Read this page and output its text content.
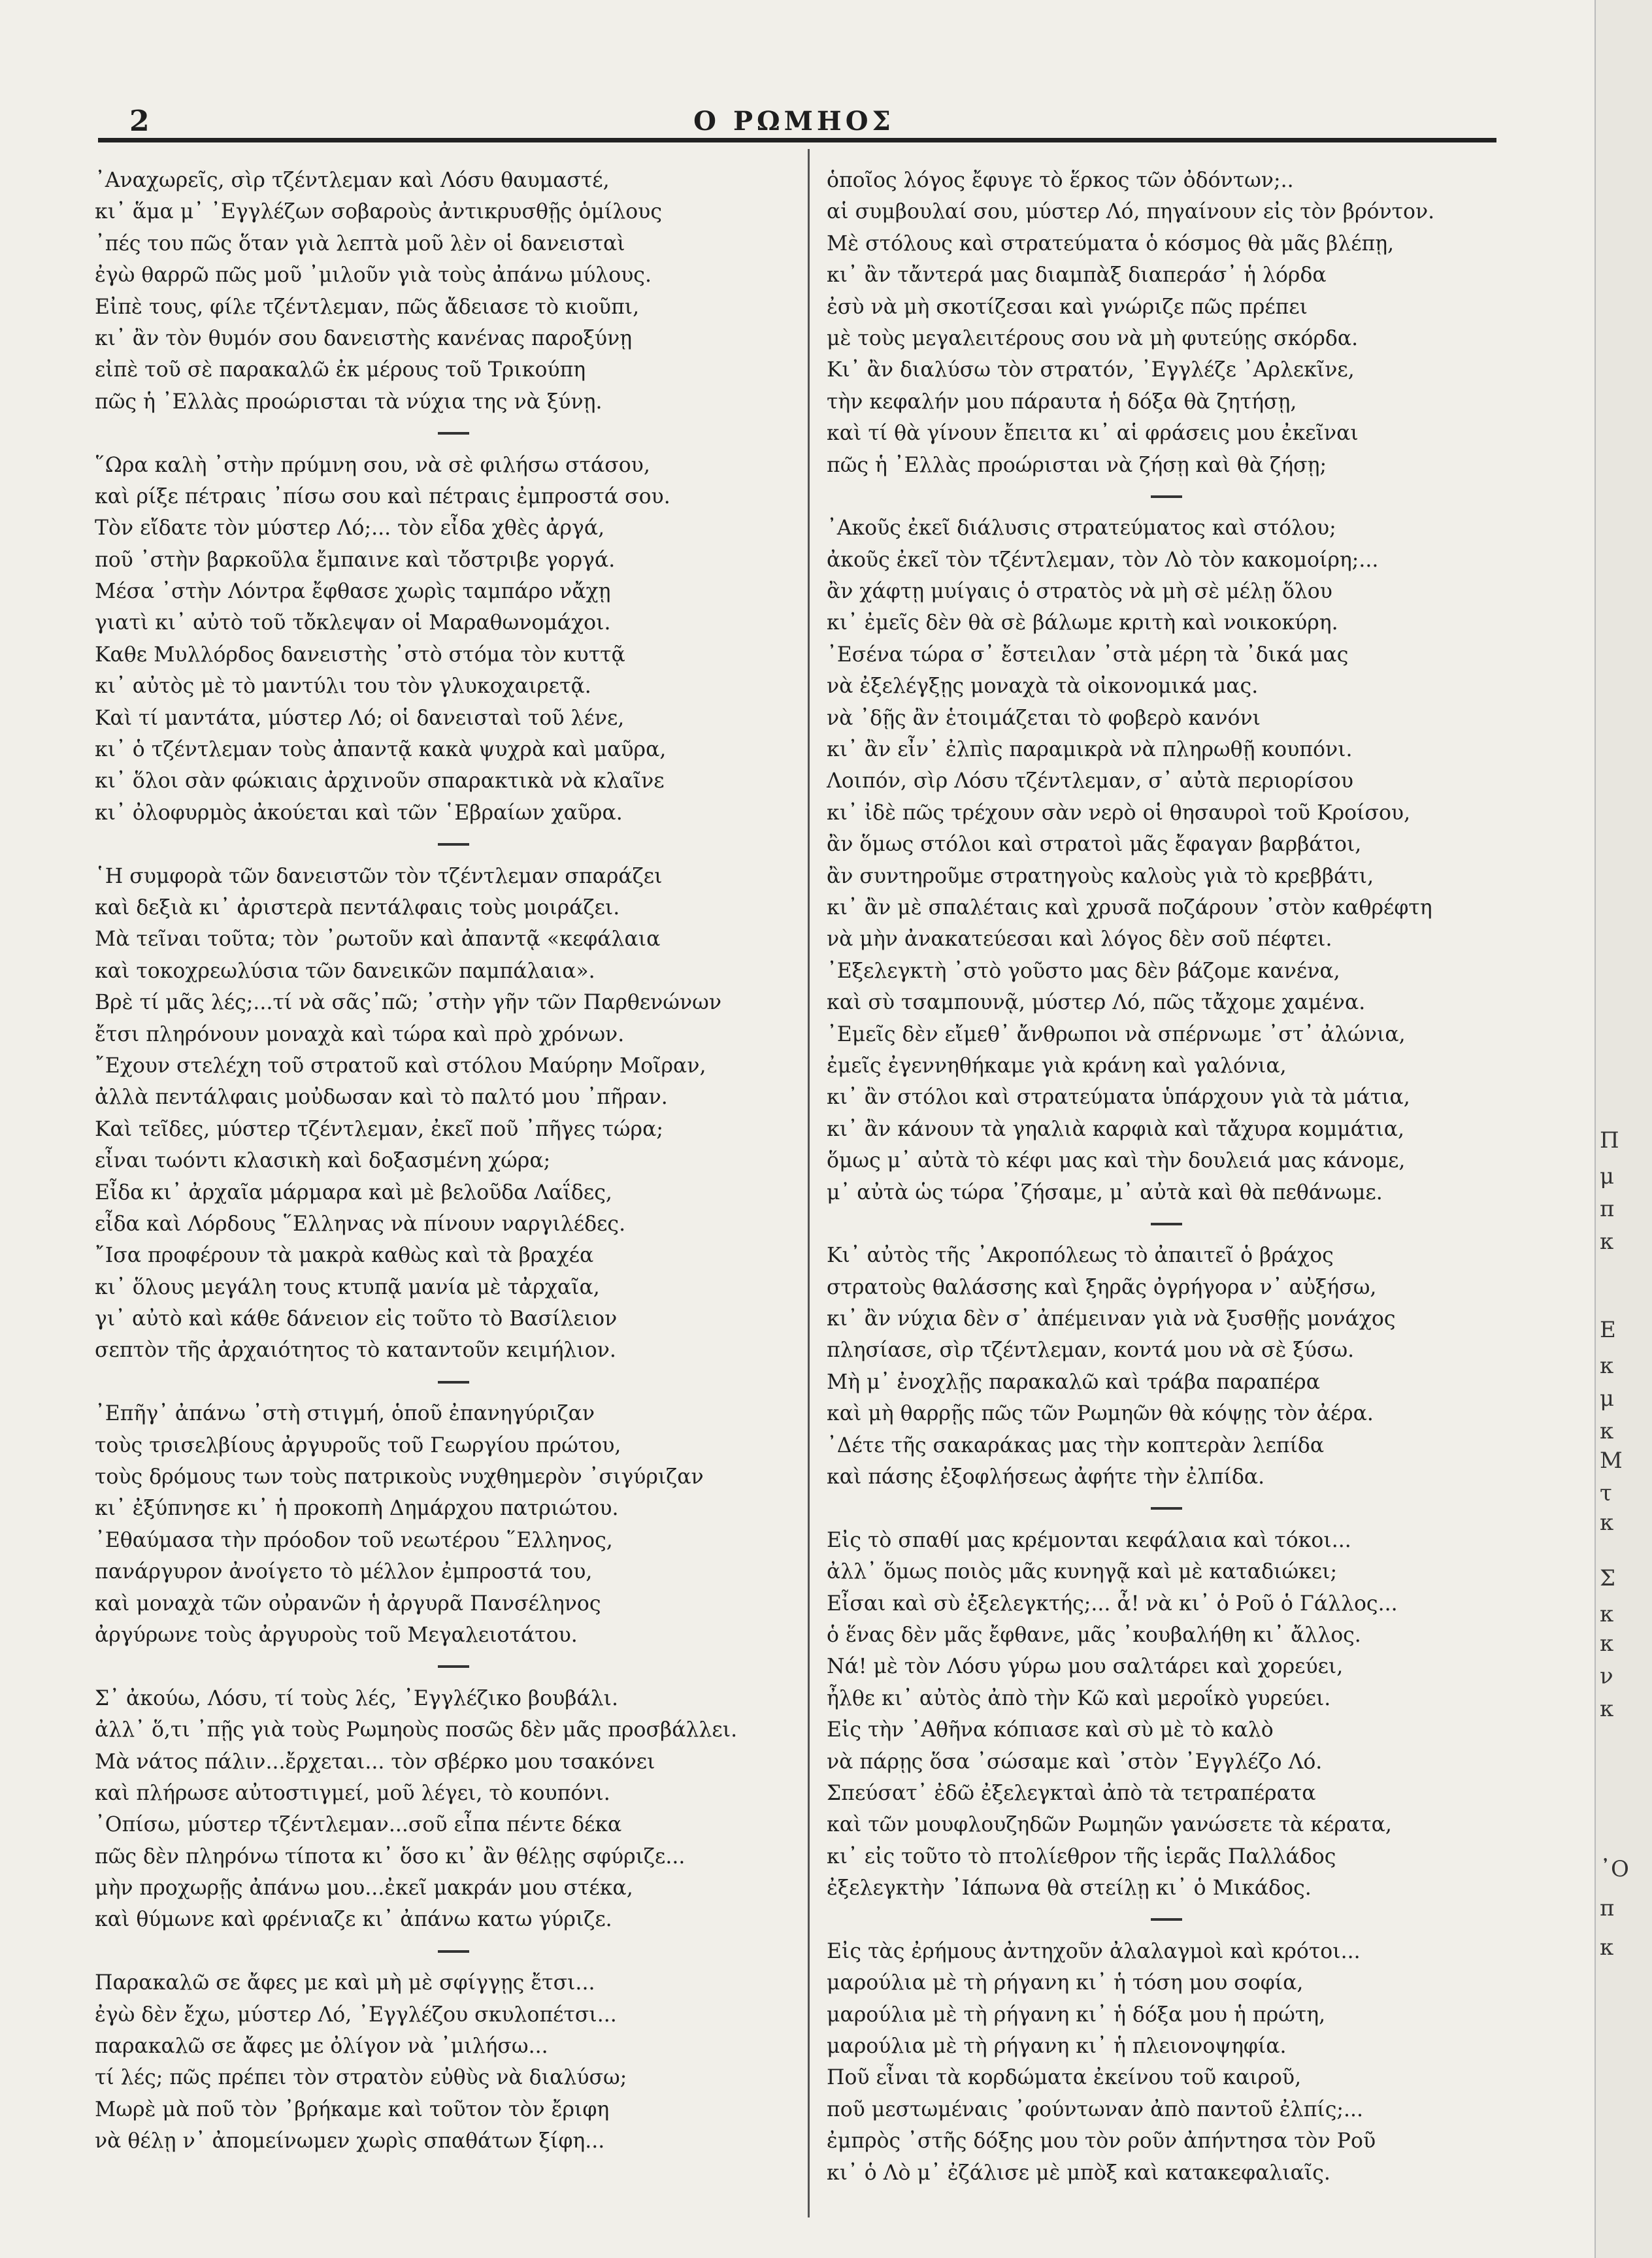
2	Ο ΡΩΜΗΟΣ
᾽Αναχωρεῖς, σὶρ τζέντλεμαν καὶ Λόσυ θαυμαστέ,
κι᾽ ἅμα μ᾽ ᾽Εγγλέζων σοβαροὺς ἀντικρυσθῇς ὁμίλους
᾽πές του πῶς ὅταν γιὰ λεπτὰ μοῦ λὲν οἱ δανεισταὶ
ἐγὼ θαρρῶ πῶς μοῦ ᾽μιλοῦν γιὰ τοὺς ἀπάνω μύλους.
Εἰπὲ τους, φίλε τζέντλεμαν, πῶς ἄδειασε τὸ κιοῦπι,
κι᾽ ἂν τὸν θυμόν σου δανειστὴς κανένας παροξύνῃ
εἰπὲ τοῦ σὲ παρακαλῶ ἐκ μέρους τοῦ Τρικούπη
πῶς ἡ ᾽Ελλὰς προώρισται τὰ νύχια της νὰ ξύνῃ.
῞Ωρα καλὴ ᾽στὴν πρύμνη σου, νὰ σὲ φιλήσω στάσου,
καὶ ρίξε πέτραις ᾽πίσω σου καὶ πέτραις ἐμπροστά σου.
Τὸν εἴδατε τὸν μύστερ Λό;... τὸν εἶδα χθὲς ἀργά,
ποῦ ᾽στὴν βαρκοῦλα ἔμπαινε καὶ τὄστριβε γοργά.
Μέσα ᾽στὴν Λόντρα ἔφθασε χωρὶς ταμπάρο νἄχῃ
γιατὶ κι᾽ αὐτὸ τοῦ τὄκλεψαν οἱ Μαραθωνομάχοι.
Καθε Μυλλόρδος δανειστὴς ᾽στὸ στόμα τὸν κυττᾷ
κι᾽ αὐτὸς μὲ τὸ μαντύλι του τὸν γλυκοχαιρετᾷ.
Καὶ τί μαντάτα, μύστερ Λό; οἱ δανεισταὶ τοῦ λένε,
κι᾽ ὁ τζέντλεμαν τοὺς ἀπαντᾷ κακὰ ψυχρὰ καὶ μαῦρα,
κι᾽ ὅλοι σὰν φώκιαις ἀρχινοῦν σπαρακτικὰ νὰ κλαῖνε
κι᾽ ὀλοφυρμὸς ἀκούεται καὶ τῶν ῾Εβραίων χαῦρα.
῾Η συμφορὰ τῶν δανειστῶν τὸν τζέντλεμαν σπαράζει
καὶ δεξιὰ κι᾽ ἀριστερὰ πεντάλφαις τοὺς μοιράζει.
Μὰ τεῖναι τοῦτα; τὸν ᾽ρωτοῦν καὶ ἀπαντᾷ «κεφάλαια
καὶ τοκοχρεωλύσια τῶν δανεικῶν παμπάλαια».
Βρὲ τί μᾶς λές;...τί νὰ σᾶς᾽πῶ; ᾽στὴν γῆν τῶν Παρθενώνων
ἔτσι πληρόνουν μοναχὰ καὶ τώρα καὶ πρὸ χρόνων.
῎Εχουν στελέχη τοῦ στρατοῦ καὶ στόλου Μαύρην Μοῖραν,
ἀλλὰ πεντάλφαις μοὐδωσαν καὶ τὸ παλτό μου ᾽πῆραν.
Καὶ τεῖδες, μύστερ τζέντλεμαν, ἐκεῖ ποῦ ᾽πῆγες τώρα;
εἶναι τωόντι κλασικὴ καὶ δοξασμένη χώρα;
Εἶδα κι᾽ ἀρχαῖα μάρμαρα καὶ μὲ βελοῦδα Λαΐδες,
εἶδα καὶ Λόρδους ῞Ελληνας νὰ πίνουν ναργιλέδες.
῎Ισα προφέρουν τὰ μακρὰ καθὼς καὶ τὰ βραχέα
κι᾽ ὅλους μεγάλη τους κτυπᾷ μανία μὲ τἀρχαῖα,
γι᾽ αὐτὸ καὶ κάθε δάνειον εἰς τοῦτο τὸ Βασίλειον
σεπτὸν τῆς ἀρχαιότητος τὸ καταντοῦν κειμήλιον.
᾽Επῆγ᾽ ἀπάνω ᾽στὴ στιγμή, ὁποῦ ἐπανηγύριζαν
τοὺς τρισελβίους ἀργυροῦς τοῦ Γεωργίου πρώτου,
τοὺς δρόμους των τοὺς πατρικοὺς νυχθημερὸν ᾽σιγύριζαν
κι᾽ ἐξύπνησε κι᾽ ἡ προκοπὴ Δημάρχου πατριώτου.
᾽Εθαύμασα τὴν πρόοδον τοῦ νεωτέρου ῞Ελληνος,
πανάργυρον ἀνοίγετο τὸ μέλλον ἐμπροστά του,
καὶ μοναχὰ τῶν οὐρανῶν ἡ ἀργυρᾶ Πανσέληνος
ἀργύρωνε τοὺς ἀργυροὺς τοῦ Μεγαλειοτάτου.
Σ᾽ ἀκούω, Λόσυ, τί τοὺς λές, ᾽Εγγλέζικο βουβάλι.
ἀλλ᾽ ὅ,τι ᾽πῇς γιὰ τοὺς Ρωμηοὺς ποσῶς δὲν μᾶς προσβάλλει.
Μὰ νάτος πάλιν...ἔρχεται... τὸν σβέρκο μου τσακόνει
καὶ πλήρωσε αὐτοστιγμεί, μοῦ λέγει, τὸ κουπόνι.
᾽Οπίσω, μύστερ τζέντλεμαν...σοῦ εἶπα πέντε δέκα
πῶς δὲν πληρόνω τίποτα κι᾽ ὅσο κι᾽ ἂν θέλῃς σφύριζε...
μὴν προχωρῇς ἀπάνω μου...ἐκεῖ μακράν μου στέκα,
καὶ θύμωνε καὶ φρένιαζε κι᾽ ἀπάνω κατω γύριζε.
Παρακαλῶ σε ἄφες με καὶ μὴ μὲ σφίγγῃς ἔτσι...
ἐγὼ δὲν ἔχω, μύστερ Λό, ᾽Εγγλέζου σκυλοπέτσι...
παρακαλῶ σε ἄφες με ὀλίγον νὰ ᾽μιλήσω...
τί λές; πῶς πρέπει τὸν στρατὸν εὐθὺς νὰ διαλύσω;
Μωρὲ μὰ ποῦ τὸν ᾽βρήκαμε καὶ τοῦτον τὸν ἔριφη
νὰ θέλῃ ν᾽ ἀπομείνωμεν χωρὶς σπαθάτων ξίφη...
ὁποῖος λόγος ἔφυγε τὸ ἕρκος τῶν ὀδόντων;..
αἱ συμβουλαί σου, μύστερ Λό, πηγαίνουν εἰς τὸν βρόντον.
Μὲ στόλους καὶ στρατεύματα ὁ κόσμος θὰ μᾶς βλέπῃ,
κι᾽ ἂν τἄντερά μας διαμπὰξ διαπεράσ᾽ ἡ λόρδα
ἐσὺ νὰ μὴ σκοτίζεσαι καὶ γνώριζε πῶς πρέπει
μὲ τοὺς μεγαλειτέρους σου νὰ μὴ φυτεύῃς σκόρδα.
Κι᾽ ἂν διαλύσω τὸν στρατόν, ᾽Εγγλέζε ᾽Αρλεκῖνε,
τὴν κεφαλήν μου πάραυτα ἡ δόξα θὰ ζητήσῃ,
καὶ τί θὰ γίνουν ἔπειτα κι᾽ αἱ φράσεις μου ἐκεῖναι
πῶς ἡ ᾽Ελλὰς προώρισται νὰ ζήσῃ καὶ θὰ ζήσῃ;
᾽Ακοῦς ἐκεῖ διάλυσις στρατεύματος καὶ στόλου;
ἀκοῦς ἐκεῖ τὸν τζέντλεμαν, τὸν Λὸ τὸν κακομοίρη;...
ἂν χάφτῃ μυίγαις ὁ στρατὸς νὰ μὴ σὲ μέλῃ ὅλου
κι᾽ ἐμεῖς δὲν θὰ σὲ βάλωμε κριτὴ καὶ νοικοκύρη.
᾽Εσένα τώρα σ᾽ ἔστειλαν ᾽στὰ μέρη τὰ ᾽δικά μας
νὰ ἐξελέγξῃς μοναχὰ τὰ οἰκονομικά μας.
νὰ ᾽δῇς ἂν ἑτοιμάζεται τὸ φοβερὸ κανόνι
κι᾽ ἂν εἶν᾽ ἐλπὶς παραμικρὰ νὰ πληρωθῇ κουπόνι.
Λοιπόν, σὶρ Λόσυ τζέντλεμαν, σ᾽ αὐτὰ περιορίσου
κι᾽ ἰδὲ πῶς τρέχουν σὰν νερὸ οἱ θησαυροὶ τοῦ Κροίσου,
ἂν ὅμως στόλοι καὶ στρατοὶ μᾶς ἔφαγαν βαρβάτοι,
ἂν συντηροῦμε στρατηγοὺς καλοὺς γιὰ τὸ κρεββάτι,
κι᾽ ἂν μὲ σπαλέταις καὶ χρυσᾶ ποζάρουν ᾽στὸν καθρέφτη
νὰ μὴν ἀνακατεύεσαι καὶ λόγος δὲν σοῦ πέφτει.
᾽Εξελεγκτὴ ᾽στὸ γοῦστο μας δὲν βάζομε κανένα,
καὶ σὺ τσαμπουνᾷ, μύστερ Λό, πῶς τἄχομε χαμένα.
᾽Εμεῖς δὲν εἴμεθ᾽ ἄνθρωποι νὰ σπέρνωμε ᾽στ᾽ ἀλώνια,
ἐμεῖς ἐγεννηθήκαμε γιὰ κράνη καὶ γαλόνια,
κι᾽ ἂν στόλοι καὶ στρατεύματα ὑπάρχουν γιὰ τὰ μάτια,
κι᾽ ἂν κάνουν τὰ γηαλιὰ καρφιὰ καὶ τἄχυρα κομμάτια,
ὅμως μ᾽ αὐτὰ τὸ κέφι μας καὶ τὴν δουλειά μας κάνομε,
μ᾽ αὐτὰ ὡς τώρα ᾽ζήσαμε, μ᾽ αὐτὰ καὶ θὰ πεθάνωμε.
Κι᾽ αὐτὸς τῆς ᾽Ακροπόλεως τὸ ἀπαιτεῖ ὁ βράχος
στρατοὺς θαλάσσης καὶ ξηρᾶς ὀγρήγορα ν᾽ αὐξήσω,
κι᾽ ἂν νύχια δὲν σ᾽ ἀπέμειναν γιὰ νὰ ξυσθῇς μονάχος
πλησίασε, σὶρ τζέντλεμαν, κοντά μου νὰ σὲ ξύσω.
Μὴ μ᾽ ἐνοχλῇς παρακαλῶ καὶ τράβα παραπέρα
καὶ μὴ θαρρῇς πῶς τῶν Ρωμηῶν θὰ κόψῃς τὸν ἀέρα.
᾽Δέτε τῆς σακαράκας μας τὴν κοπτερὰν λεπίδα
καὶ πάσης ἐξοφλήσεως ἀφήτε τὴν ἐλπίδα.
Εἰς τὸ σπαθί μας κρέμονται κεφάλαια καὶ τόκοι...
ἀλλ᾽ ὅμως ποιὸς μᾶς κυνηγᾷ καὶ μὲ καταδιώκει;
Εἶσαι καὶ σὺ ἐξελεγκτής;... ἆ! νὰ κι᾽ ὁ Ροῦ ὁ Γάλλος...
ὁ ἕνας δὲν μᾶς ἔφθανε, μᾶς ᾽κουβαλήθη κι᾽ ἄλλος.
Νά! μὲ τὸν Λόσυ γύρω μου σαλτάρει καὶ χορεύει,
ἦλθε κι᾽ αὐτὸς ἀπὸ τὴν Κῶ καὶ μεροΐκὸ γυρεύει.
Εἰς τὴν ᾽Αθῆνα κόπιασε καὶ σὺ μὲ τὸ καλὸ
νὰ πάρῃς ὅσα ᾽σώσαμε καὶ ᾽στὸν ᾽Εγγλέζο Λό.
Σπεύσατ᾽ ἐδῶ ἐξελεγκταὶ ἀπὸ τὰ τετραπέρατα
καὶ τῶν μουφλουζηδῶν Ρωμηῶν γανώσετε τὰ κέρατα,
κι᾽ εἰς τοῦτο τὸ πτολίεθρον τῆς ἱερᾶς Παλλάδος
ἐξελεγκτὴν ᾽Ιάπωνα θὰ στείλῃ κι᾽ ὁ Μικάδος.
Εἰς τὰς ἐρήμους ἀντηχοῦν ἀλαλαγμοὶ καὶ κρότοι...
μαρούλια μὲ τὴ ρήγανη κι᾽ ἡ τόση μου σοφία,
μαρούλια μὲ τὴ ρήγανη κι᾽ ἡ δόξα μου ἡ πρώτη,
μαρούλια μὲ τὴ ρήγανη κι᾽ ἡ πλειονοψηφία.
Ποῦ εἶναι τὰ κορδώματα ἐκείνου τοῦ καιροῦ,
ποῦ μεστωμέναις ᾽φούντωναν ἀπὸ παντοῦ ἐλπίς;...
ἐμπρὸς ᾽στῆς δόξης μου τὸν ροῦν ἀπήντησα τὸν Ροῦ
κι᾽ ὁ Λὸ μ᾽ ἐζάλισε μὲ μπὸξ καὶ κατακεφαλιαῖς.
Π
μ
π
κ
Ε
κ
μ
κ
Μ
τ
κ
Σ
κ
κ
ν
κ
᾽Ο
π
κ
